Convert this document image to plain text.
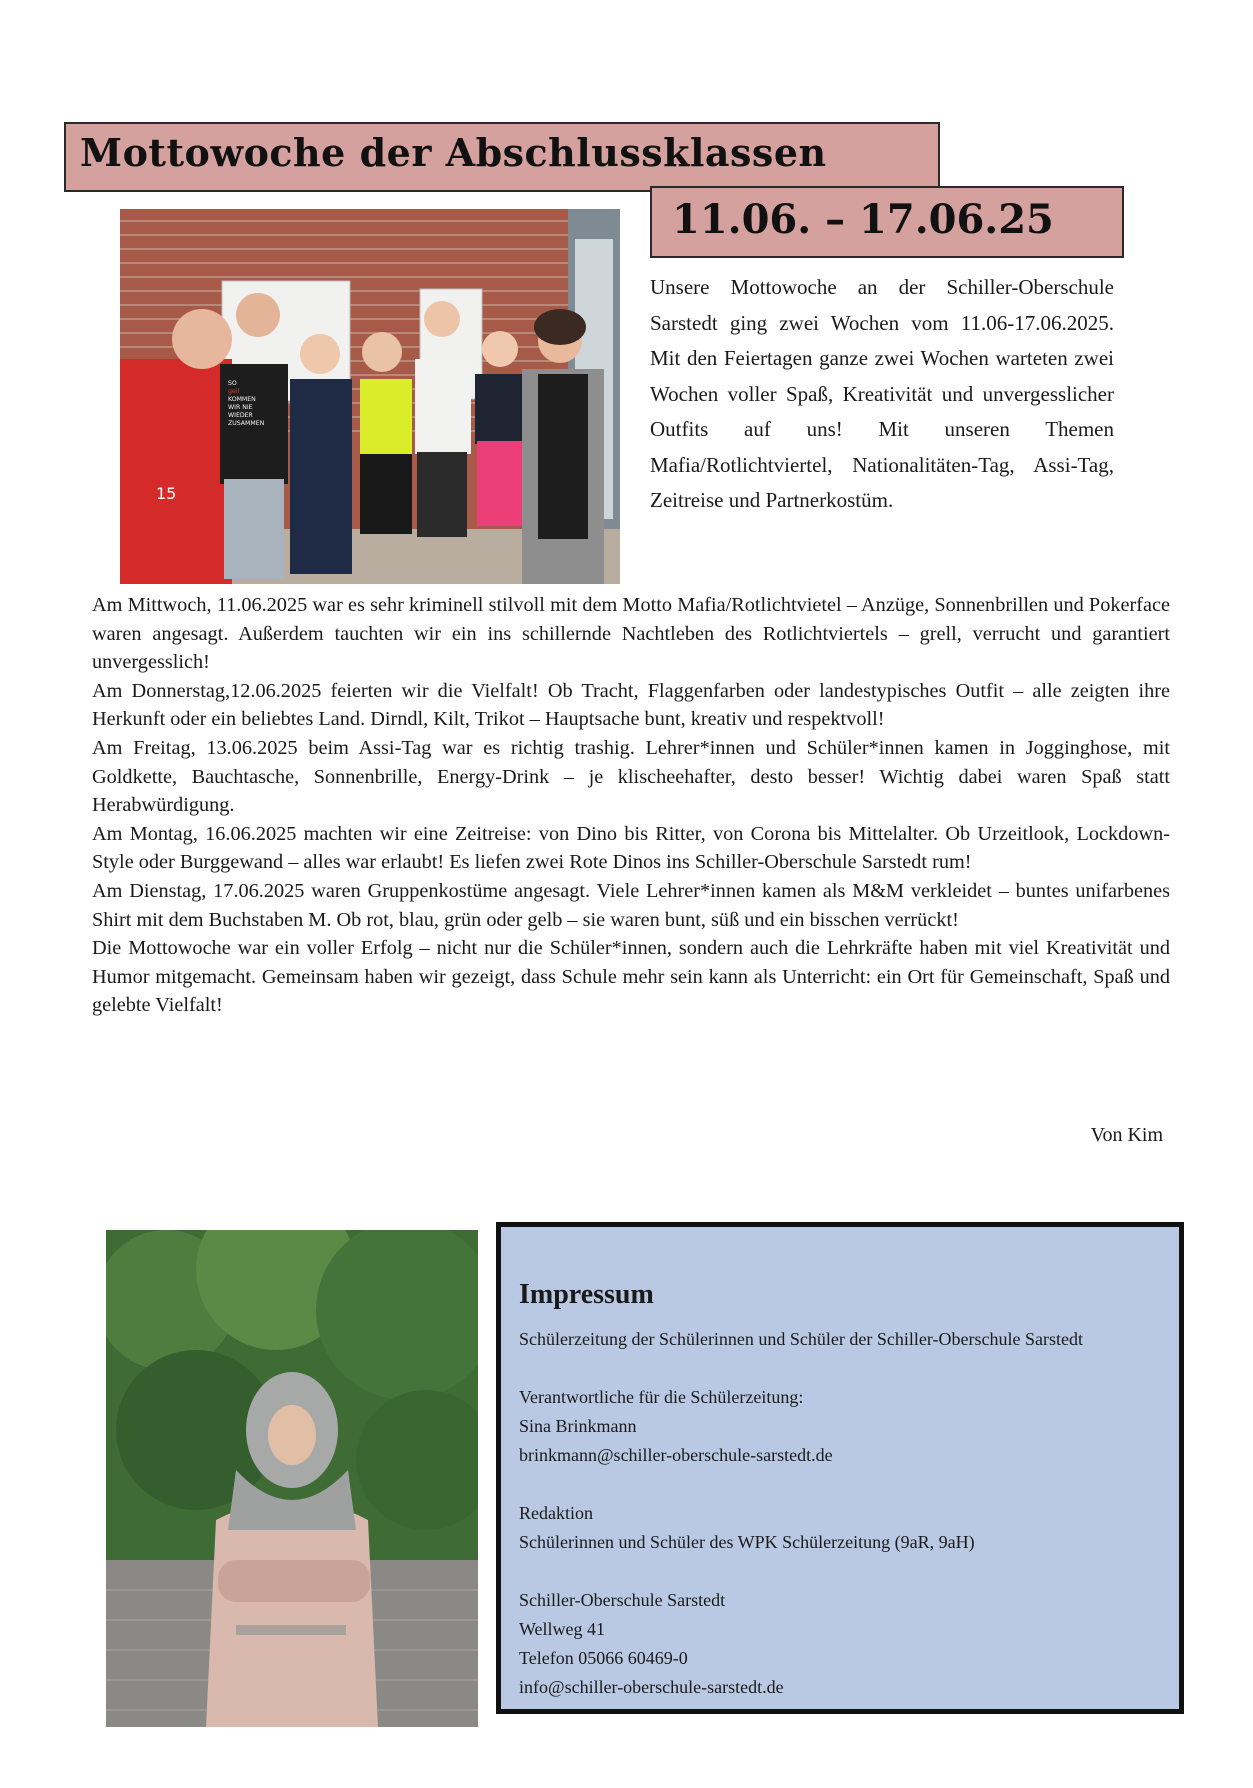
Mottowoche der Abschlussklassen
15
SO
geil
KOMMEN
WIR NIE
WIEDER
ZUSAMMEN
11.06. – 17.06.25

Unsere Mottowoche an der Schiller-Oberschule Sarstedt ging zwei Wochen vom 11.06-17.06.2025. Mit den Feiertagen ganze zwei Wochen warteten zwei Wochen voller Spaß, Kreativität und unvergesslicher Outfits auf uns! Mit unseren Themen Mafia/Rotlichtviertel, Nationalitäten-Tag, Assi-Tag, Zeitreise und Partnerkostüm.

Am Mittwoch, 11.06.2025 war es sehr kriminell stilvoll mit dem Motto Mafia/Rotlichtvietel – Anzüge, Sonnenbrillen und Pokerface waren angesagt. Außerdem tauchten wir ein ins schillernde Nachtleben des Rotlichtviertels – grell, verrucht und garantiert unvergesslich!

Am Donnerstag,12.06.2025 feierten wir die Vielfalt! Ob Tracht, Flaggenfarben oder landestypisches Outfit – alle zeigten ihre Herkunft oder ein beliebtes Land. Dirndl, Kilt, Trikot – Hauptsache bunt, kreativ und respektvoll!

Am Freitag, 13.06.2025 beim Assi-Tag war es richtig trashig. Lehrer*innen und Schüler*innen kamen in Jogginghose, mit Goldkette, Bauchtasche, Sonnenbrille, Energy-Drink – je klischeehafter, desto besser! Wichtig dabei waren Spaß statt Herabwürdigung.

Am Montag, 16.06.2025 machten wir eine Zeitreise: von Dino bis Ritter, von Corona bis Mittelalter. Ob Urzeitlook, Lockdown-Style oder Burggewand – alles war erlaubt! Es liefen zwei Rote Dinos ins Schiller-Oberschule Sarstedt rum!

Am Dienstag, 17.06.2025 waren Gruppenkostüme angesagt. Viele Lehrer*innen kamen als M&M verkleidet – buntes unifarbenes Shirt mit dem Buchstaben M. Ob rot, blau, grün oder gelb – sie waren bunt, süß und ein bisschen verrückt!

Die Mottowoche war ein voller Erfolg – nicht nur die Schüler*innen, sondern auch die Lehrkräfte haben mit viel Kreativität und Humor mitgemacht. Gemeinsam haben wir gezeigt, dass Schule mehr sein kann als Unterricht: ein Ort für Gemeinschaft, Spaß und gelebte Vielfalt!

Von Kim
Impressum

Schülerzeitung der Schülerinnen und Schüler der Schiller-Oberschule Sarstedt

Verantwortliche für die Schülerzeitung:

Sina Brinkmann

brinkmann@schiller-oberschule-sarstedt.de

Redaktion

Schülerinnen und Schüler des WPK Schülerzeitung (9aR, 9aH)

Schiller-Oberschule Sarstedt

Wellweg 41

Telefon 05066 60469-0

info@schiller-oberschule-sarstedt.de
